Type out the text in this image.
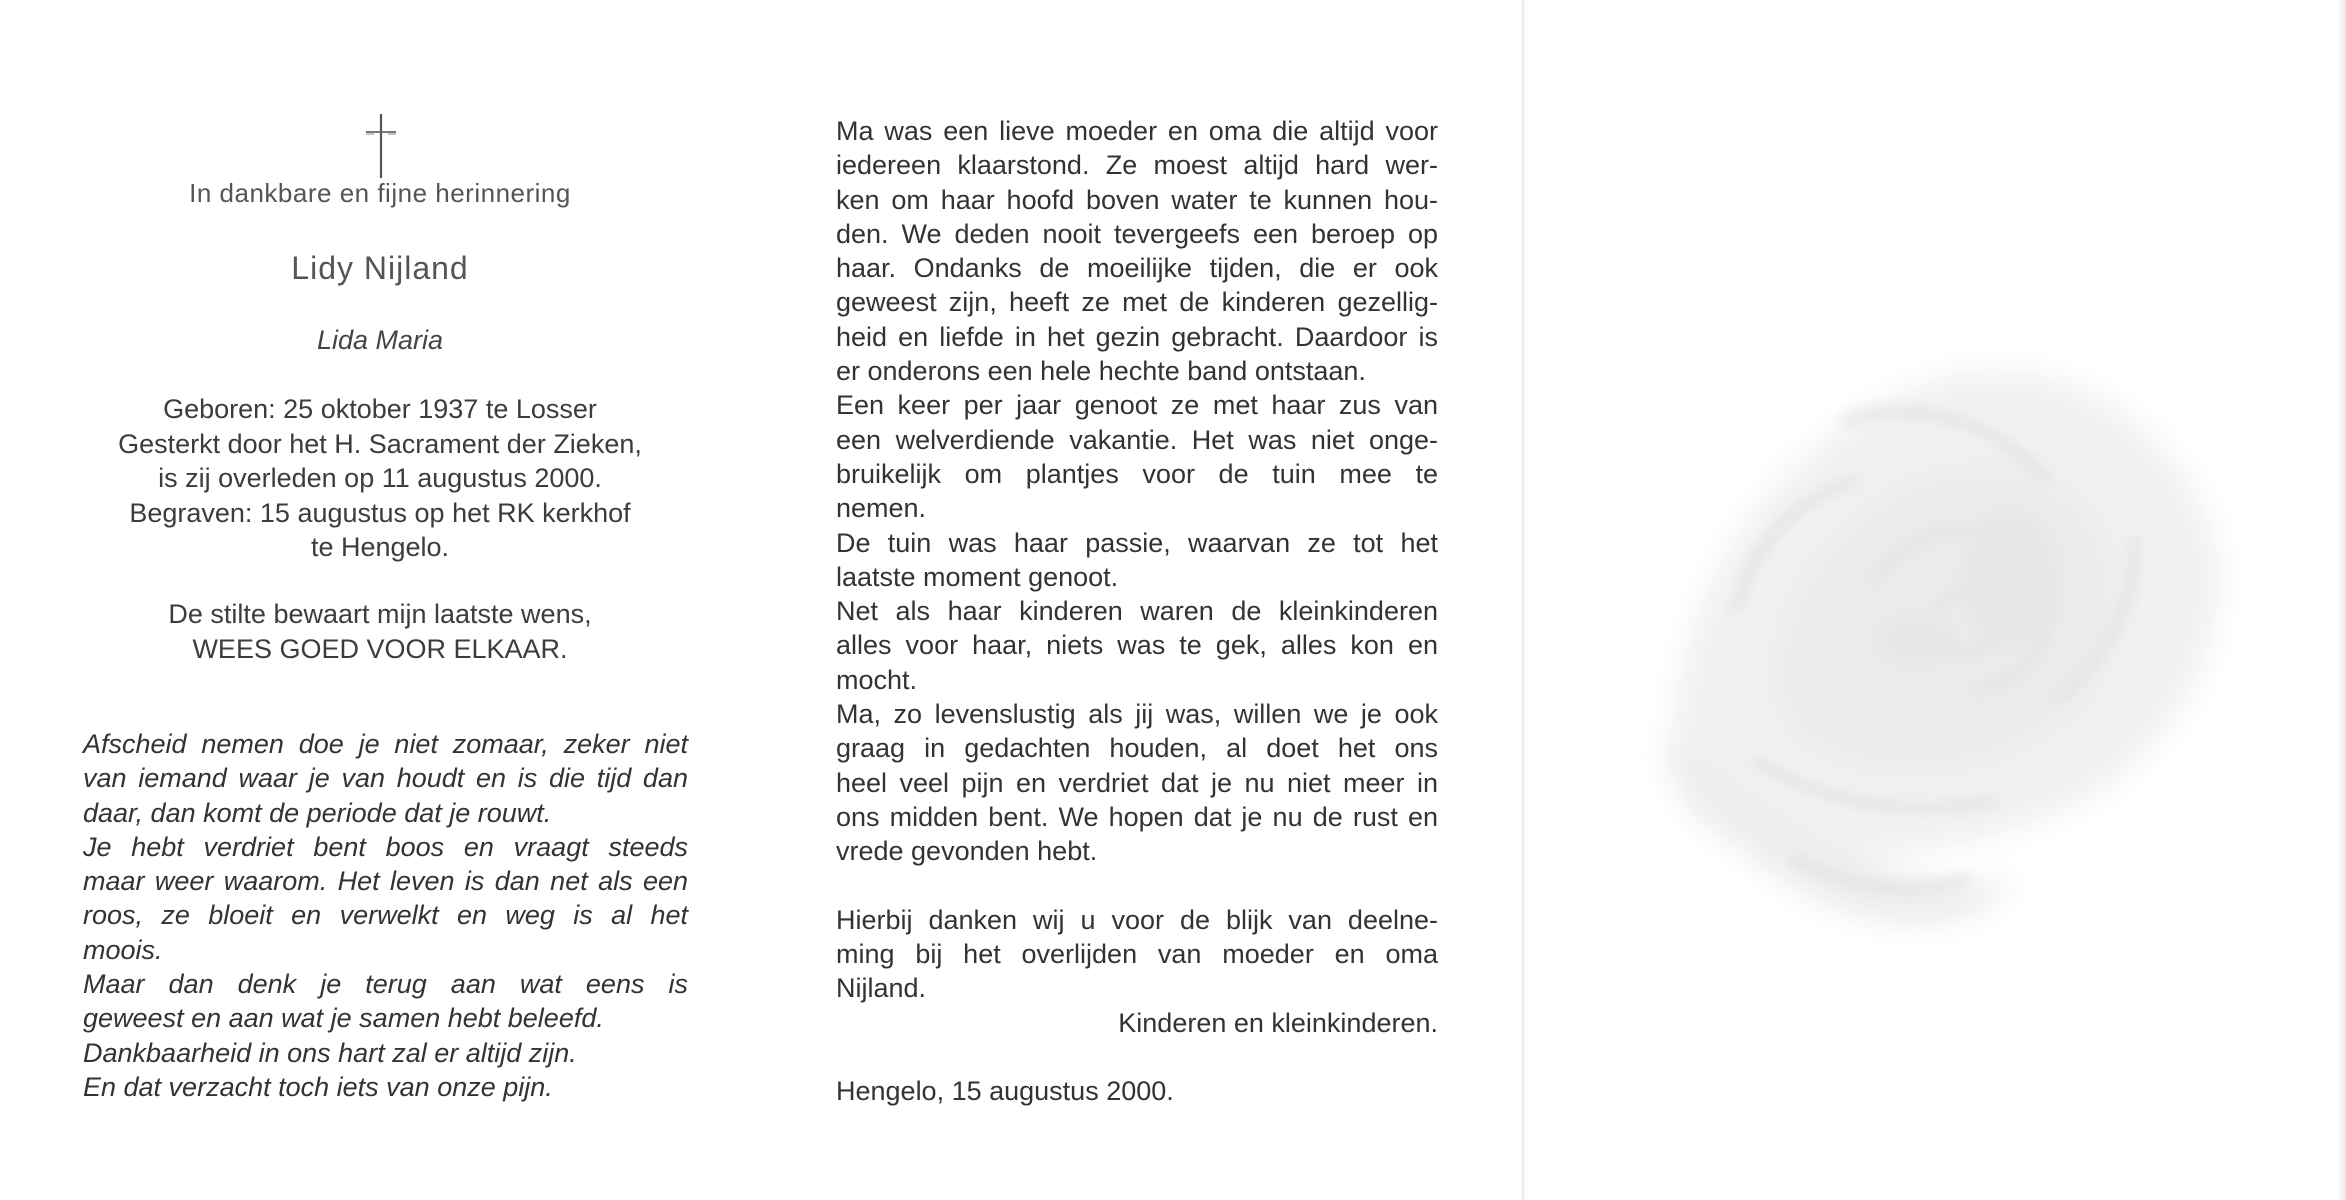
In dankbare en fijne herinnering
Lidy Nijland
Lida Maria
Geboren: 25 oktober 1937 te Losser
Gesterkt door het H. Sacrament der Zieken,
is zij overleden op 11 augustus 2000.
Begraven: 15 augustus op het RK kerkhof
te Hengelo.
De stilte bewaart mijn laatste wens,
WEES GOED VOOR ELKAAR.
Afscheid nemen doe je niet zomaar, zeker niet
van iemand waar je van houdt en is die tijd dan
daar, dan komt de periode dat je rouwt.
Je hebt verdriet bent boos en vraagt steeds
maar weer waarom. Het leven is dan net als een
roos, ze bloeit en verwelkt en weg is al het
moois.
Maar dan denk je terug aan wat eens is
geweest en aan wat je samen hebt beleefd.
Dankbaarheid in ons hart zal er altijd zijn.
En dat verzacht toch iets van onze pijn.
Ma was een lieve moeder en oma die altijd voor
iedereen klaarstond. Ze moest altijd hard wer-
ken om haar hoofd boven water te kunnen hou-
den. We deden nooit tevergeefs een beroep op
haar. Ondanks de moeilijke tijden, die er ook
geweest zijn, heeft ze met de kinderen gezellig-
heid en liefde in het gezin gebracht. Daardoor is
er onderons een hele hechte band ontstaan.
Een keer per jaar genoot ze met haar zus van
een welverdiende vakantie. Het was niet onge-
bruikelijk om plantjes voor de tuin mee te
nemen.
De tuin was haar passie, waarvan ze tot het
laatste moment genoot.
Net als haar kinderen waren de kleinkinderen
alles voor haar, niets was te gek, alles kon en
mocht.
Ma, zo levenslustig als jij was, willen we je ook
graag in gedachten houden, al doet het ons
heel veel pijn en verdriet dat je nu niet meer in
ons midden bent. We hopen dat je nu de rust en
vrede gevonden hebt.
Hierbij danken wij u voor de blijk van deelne-
ming bij het overlijden van moeder en oma
Nijland.
Kinderen en kleinkinderen.
Hengelo, 15 augustus 2000.
